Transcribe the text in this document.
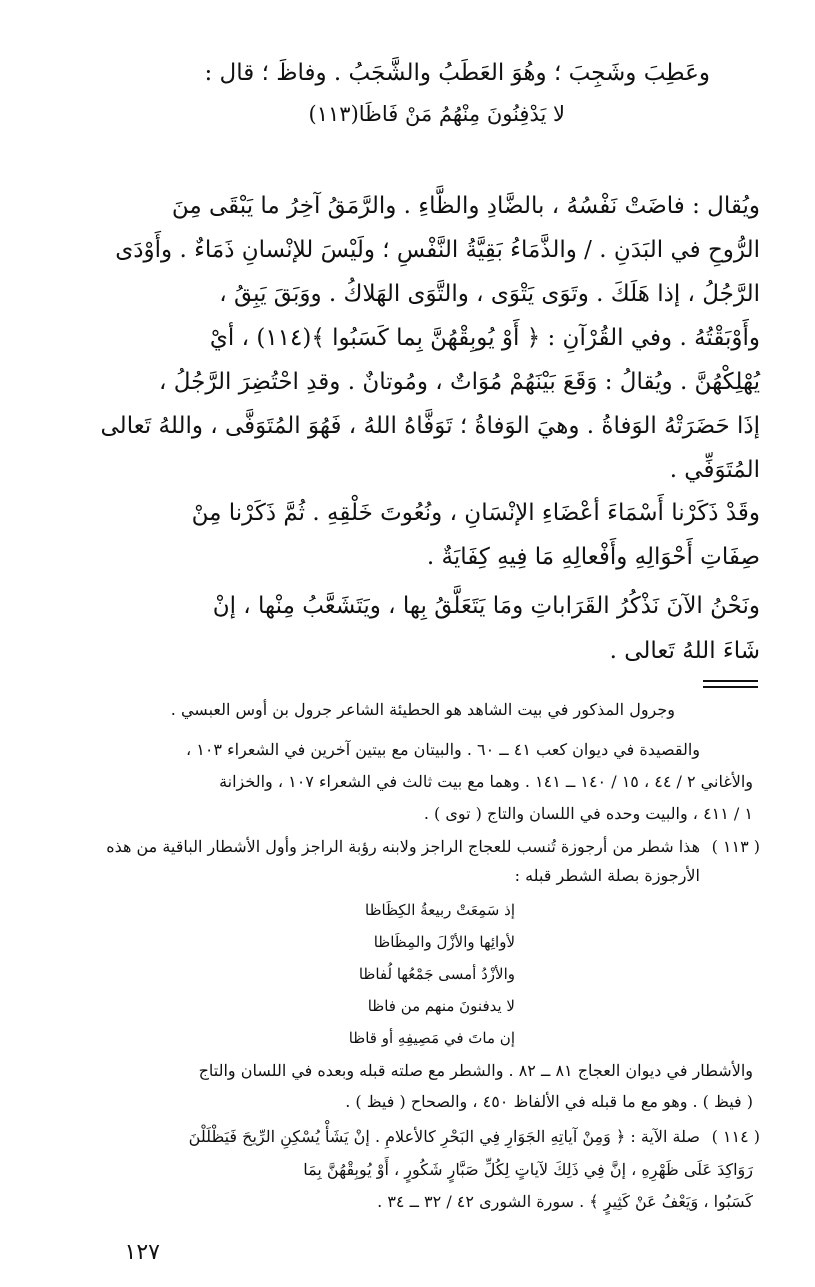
وعَطِبَ وشَجِبَ ؛ وهُوَ العَطَبُ والشَّجَبُ . وفاظَ ؛ قال :
لا يَدْفِنُونَ مِنْهُمُ مَنْ فَاظَا(١١٣)
ويُقال : فاضَتْ نَفْسُهُ ، بالضَّادِ والظَّاءِ . والرَّمَقُ آخِرُ ما يَبْقَى مِنَ
الرُّوحِ في البَدَنِ . / والذَّمَاءُ بَقِيَّةُ النَّفْسِ ؛ ولَيْسَ للإنْسانِ ذَمَاءٌ . وأَوْدَى
الرَّجُلُ ، إذا هَلَكَ . وتَوَى يَتْوَى ، والتَّوَى الهَلاكُ . ووَبَقَ يَبِقُ ،
وأَوْبَقْتُهُ . وفي القُرْآنِ : ﴿ أَوْ يُوبِقْهُنَّ بِما كَسَبُوا ﴾(١١٤) ، أيْ
يُهْلِكْهُنَّ . ويُقالُ : وَقَعَ بَيْنَهُمْ مُوَاتٌ ، ومُوتانٌ . وقدِ احْتُضِرَ الرَّجُلُ ،
إذَا حَضَرَتْهُ الوَفاةُ . وهيَ الوَفاةُ ؛ تَوَفَّاهُ اللهُ ، فَهُوَ المُتَوَفَّى ، واللهُ تَعالى
المُتَوَفِّي .
وقَدْ ذَكَرْنا أَسْمَاءَ أعْضَاءِ الإنْسَانِ ، ونُعُوتَ خَلْقِهِ . ثُمَّ ذَكَرْنا مِنْ
صِفَاتِ أَحْوَالِهِ وأَفْعالِهِ مَا فِيهِ كِفَايَةٌ .
ونَحْنُ الآنَ نَذْكُرُ القَرَاباتِ ومَا يَتَعَلَّقُ بِها ، ويَتَشَعَّبُ مِنْها ، إنْ
شَاءَ اللهُ تَعالى .
وجرول المذكور في بيت الشاهد هو الحطيئة الشاعر جرول بن أوس العبسي .
والقصيدة في ديوان كعب ٤١ ــ ٦٠ . والبيتان مع بيتين آخرين في الشعراء ١٠٣ ،
والأغاني ٢ / ٤٤ ، ١٥ / ١٤٠ ــ ١٤١ . وهما مع بيت ثالث في الشعراء ١٠٧ ، والخزانة
١ / ٤١١ ، والبيت وحده في اللسان والتاج ( توى ) .
( ١١٣ )
هذا شطر من أرجوزة تُنسب للعجاج الراجز ولابنه رؤبة الراجز وأول الأشطار الباقية من هذه
الأرجوزة بصلة الشطر قبله :
إذ سَمِعَتْ ربيعةُ الكِظَاظا
لأوائِها والأزْلَ والمِظَاظا
والأزْدُ أمسى جَمْعُها لُفاظا
لا يدفنونَ منهم من فاظا
إن ماتَ في مَصِيفِهِ أو قاظا
والأشطار في ديوان العجاج ٨١ ــ ٨٢ . والشطر مع صلته قبله وبعده في اللسان والتاج
( فيظ ) . وهو مع ما قبله في الألفاظ ٤٥٠ ، والصحاح ( فيظ ) .
( ١١٤ )
صلة الآية : ﴿ وَمِنْ آياتِهِ الجَوَارِ فِي البَحْرِ كالأعلامِ . إنْ يَشَأْ يُسْكِنِ الرِّيحَ فَيَظْلَلْنَ
رَوَاكِدَ عَلَى ظَهْرِهِ ، إنَّ فِي ذَلِكَ لآياتٍ لِكُلِّ صَبَّارٍ شَكُورٍ ، أَوْ يُوبِقْهُنَّ بِمَا
كَسَبُوا ، وَيَعْفُ عَنْ كَثِيرٍ ﴾ . سورة الشورى ٤٢ / ٣٢ ــ ٣٤ .
١٢٧
